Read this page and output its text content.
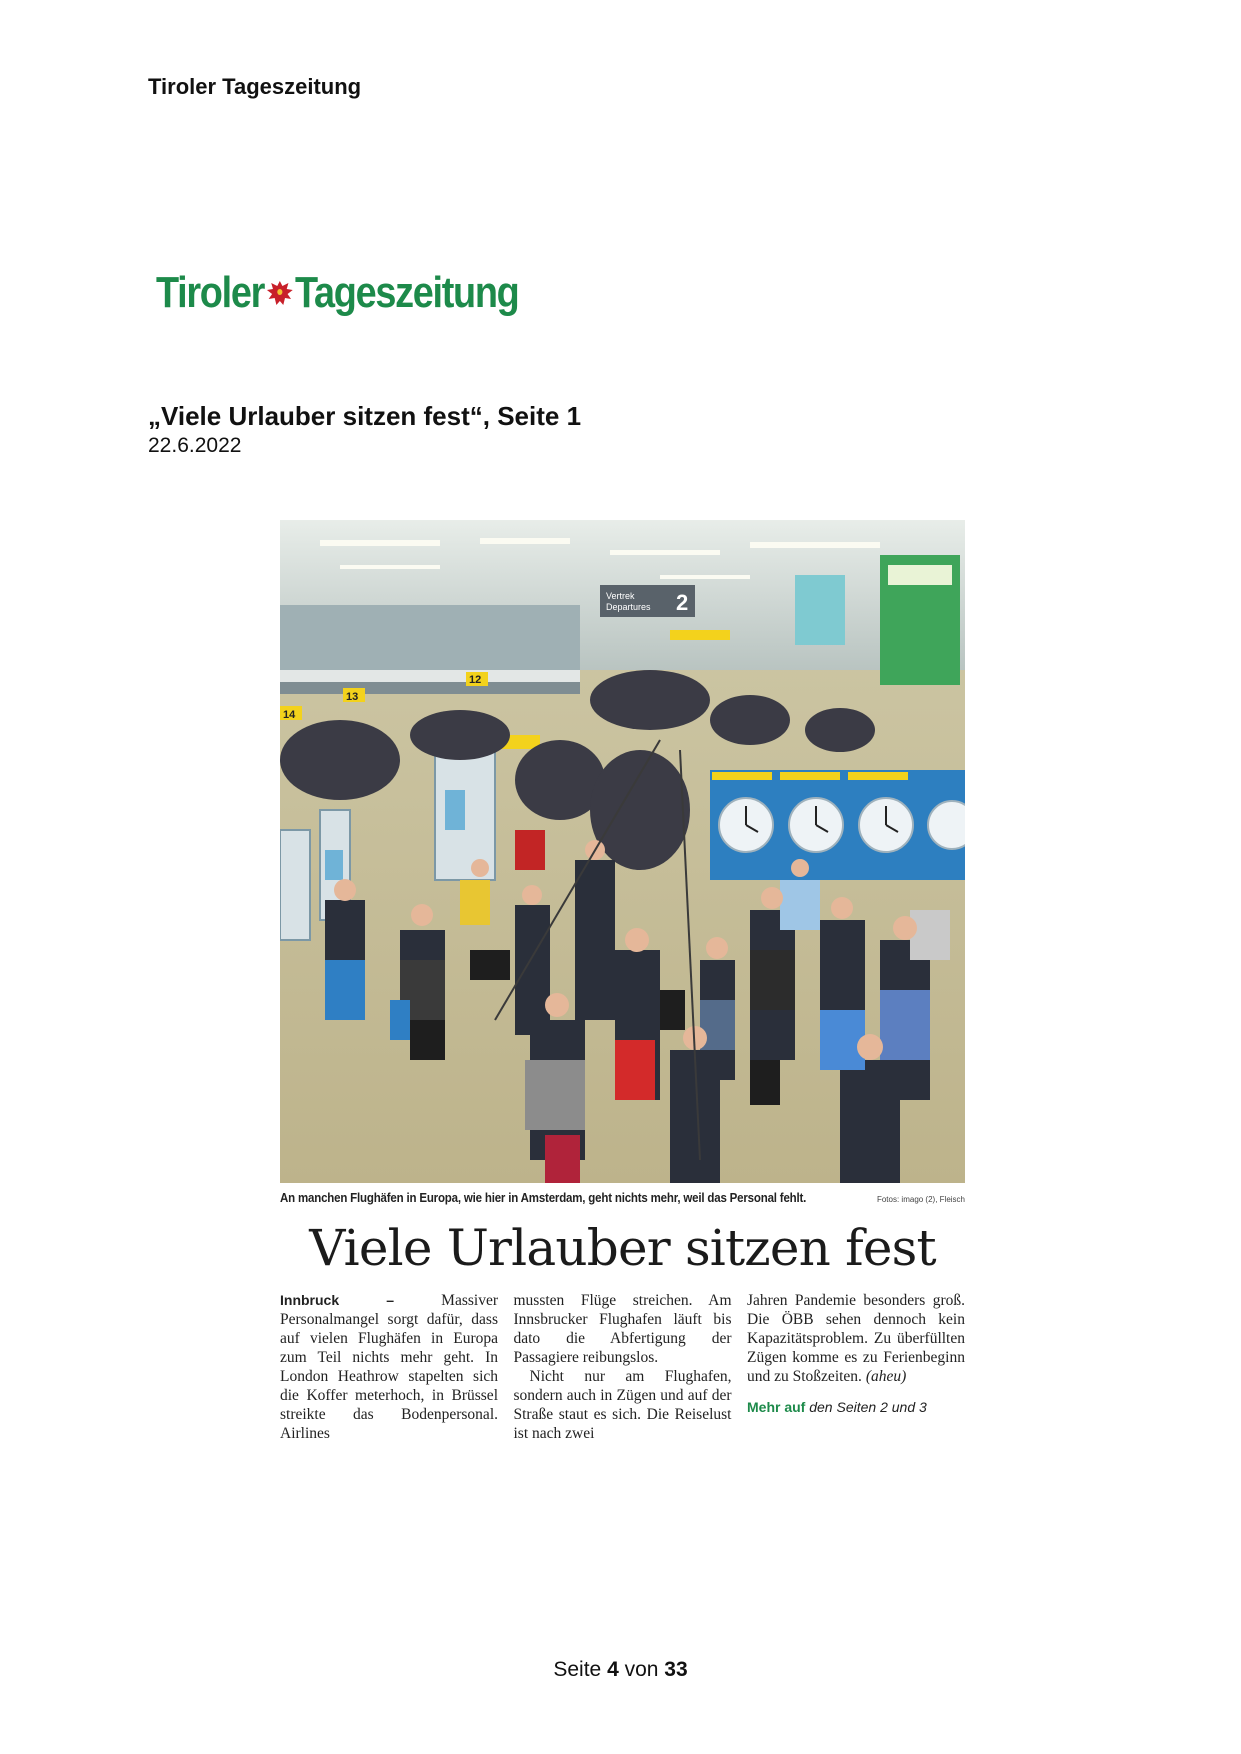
Tiroler Tageszeitung
Tiroler Tageszeitung
„Viele Urlauber sitzen fest“, Seite 1
22.6.2022
Vertrek Departures 2
14
13
12
An manchen Flughäfen in Europa, wie hier in Amsterdam, geht nichts mehr, weil das Personal fehlt.	Fotos: imago (2), Fleisch
Viele Urlauber sitzen fest

Innbruck –	Massiver Personalmangel sorgt dafür, dass auf vielen Flughäfen in Europa zum Teil nichts mehr geht. In London Heathrow stapelten sich die Koffer meterhoch, in Brüssel streikte das Bodenpersonal. Airlines

mussten Flüge streichen. Am Innsbrucker Flughafen läuft bis dato die Abfertigung der Passagiere reibungslos.

Nicht nur am Flughafen, sondern auch in Zügen und auf der Straße staut es sich. Die Reiselust ist nach zwei

Jahren Pandemie besonders groß. Die ÖBB sehen dennoch kein Kapazitätsproblem. Zu überfüllten Zügen komme es zu Ferienbeginn und zu Stoßzeiten. (aheu)

Mehr auf den Seiten 2 und 3

Seite 4 von 33
